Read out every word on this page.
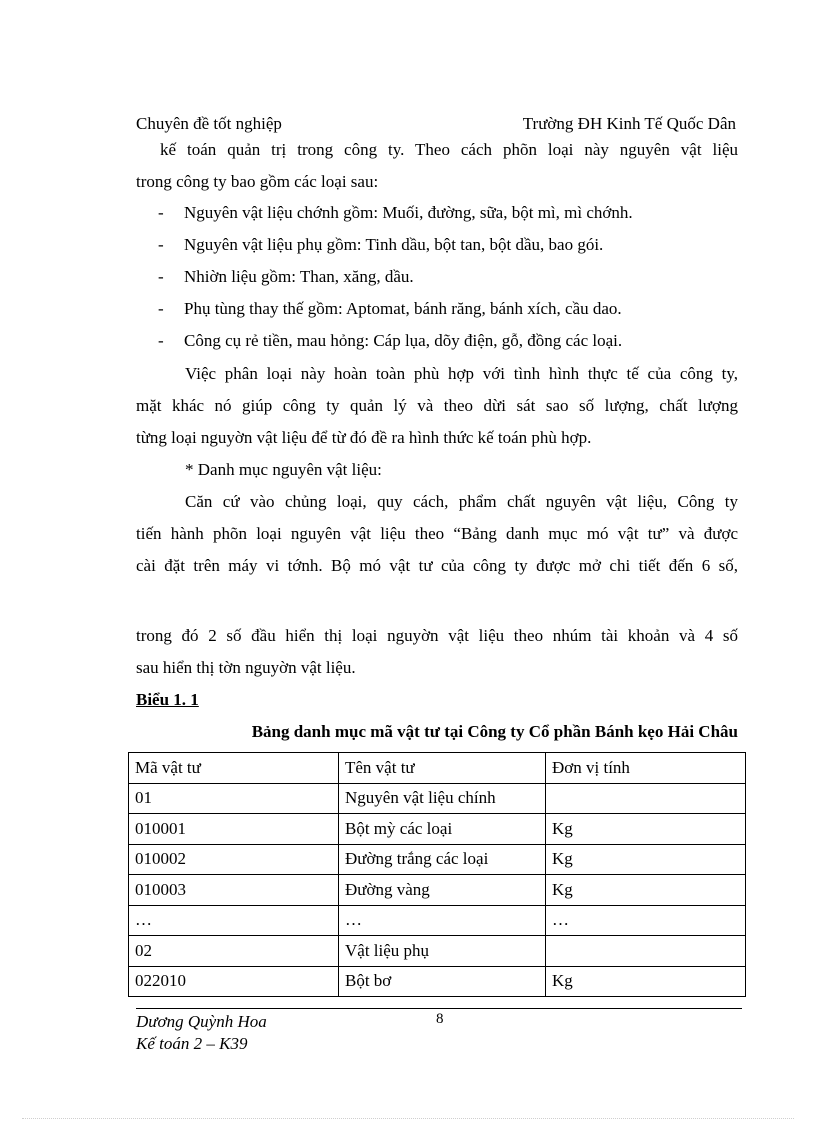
Chuyên đề tốt nghiệp	Trường ĐH Kinh Tế Quốc Dân
kế toán quản trị trong công ty. Theo cách phõn loại này nguyên vật liệu
trong công ty bao gồm các loại sau:
- Nguyên vật liệu chớnh gồm: Muối, đường, sữa, bột mì, mì chớnh.
- Nguyên vật liệu phụ gồm: Tinh dầu, bột tan, bột dầu, bao gói.
- Nhiờn liệu gồm: Than, xăng, dầu.
- Phụ tùng thay thế gồm: Aptomat, bánh răng, bánh xích, cầu dao.
- Công cụ rẻ tiền, mau hỏng: Cáp lụa, dõy điện, gỗ, đồng các loại.
Việc phân loại này hoàn toàn phù hợp với tình hình thực tế của công ty,
mặt khác nó giúp công ty quản lý và theo dừi sát sao số lượng, chất lượng
từng loại nguyờn vật liệu để từ đó đề ra hình thức kế toán phù hợp.
* Danh mục nguyên vật liệu:
Căn cứ vào chủng loại, quy cách, phẩm chất nguyên vật liệu, Công ty
tiến hành phõn loại nguyên vật liệu theo “Bảng danh mục mó vật tư” và được
cài đặt trên máy vi tớnh. Bộ mó vật tư của công ty được mở chi tiết đến 6 số,
trong đó 2 số đầu hiển thị loại nguyờn vật liệu theo nhúm tài khoản và 4 số
sau hiển thị tờn nguyờn vật liệu.
Biểu 1. 1
Bảng danh mục mã vật tư tại Công ty Cổ phần Bánh kẹo Hải Châu
Mã vật tư	Tên vật tư	Đơn vị tính
01	Nguyên vật liệu chính	
010001	Bột mỳ các loại	Kg
010002	Đường trắng các loại	Kg
010003	Đường vàng	Kg
…	…	…
02	Vật liệu phụ	
022010	Bột bơ	Kg
Dương Quỳnh Hoa
Kế toán 2 – K39
8
